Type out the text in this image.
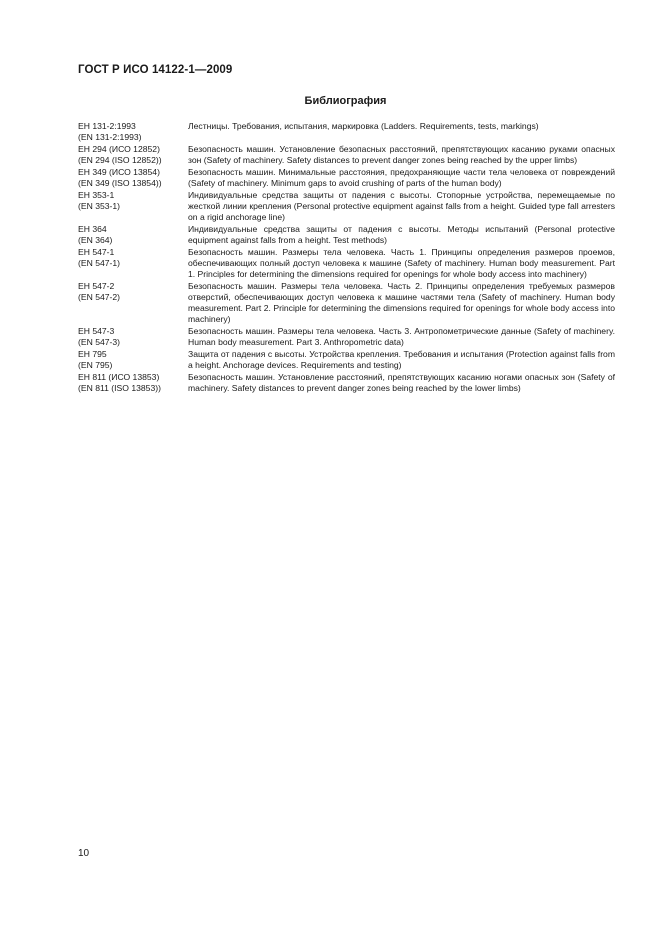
ГОСТ Р ИСО 14122-1—2009
Библиография
ЕН 131-2:1993
(EN 131-2:1993)
Лестницы. Требования, испытания, маркировка (Ladders. Requirements, tests, markings)
ЕН 294 (ИСО 12852)
(EN 294 (ISO 12852))
Безопасность машин. Установление безопасных расстояний, препятствующих касанию руками опасных зон (Safety of machinery. Safety distances to prevent danger zones being reached by the upper limbs)
ЕН 349 (ИСО 13854)
(EN 349 (ISO 13854))
Безопасность машин. Минимальные расстояния, предохраняющие части тела человека от повреждений (Safety of machinery. Minimum gaps to avoid crushing of parts of the human body)
ЕН 353-1
(EN 353-1)
Индивидуальные средства защиты от падения с высоты. Стопорные устройства, перемещаемые по жесткой линии крепления (Personal protective equipment against falls from a height. Guided type fall arresters on a rigid anchorage line)
ЕН 364
(EN 364)
Индивидуальные средства защиты от падения с высоты. Методы испытаний (Personal protective equipment against falls from a height. Test methods)
ЕН 547-1
(EN 547-1)
Безопасность машин. Размеры тела человека. Часть 1. Принципы определения размеров проемов, обеспечивающих полный доступ человека к машине (Safety of machinery. Human body measurement. Part 1. Principles for determining the dimensions required for openings for whole body access into machinery)
ЕН 547-2
(EN 547-2)
Безопасность машин. Размеры тела человека. Часть 2. Принципы определения требуемых размеров отверстий, обеспечивающих доступ человека к машине частями тела (Safety of machinery. Human body measurement. Part 2. Principle for determining the dimensions required for openings for whole body access into machinery)
ЕН 547-3
(EN 547-3)
Безопасность машин. Размеры тела человека. Часть 3. Антропометрические данные (Safety of machinery. Human body measurement. Part 3. Anthropometric data)
ЕН 795
(EN 795)
Защита от падения с высоты. Устройства крепления. Требования и испытания (Protection against falls from a height. Anchorage devices. Requirements and testing)
ЕН 811 (ИСО 13853)
(EN 811 (ISO 13853))
Безопасность машин. Установление расстояний, препятствующих касанию ногами опасных зон (Safety of machinery. Safety distances to prevent danger zones being reached by the lower limbs)
10
